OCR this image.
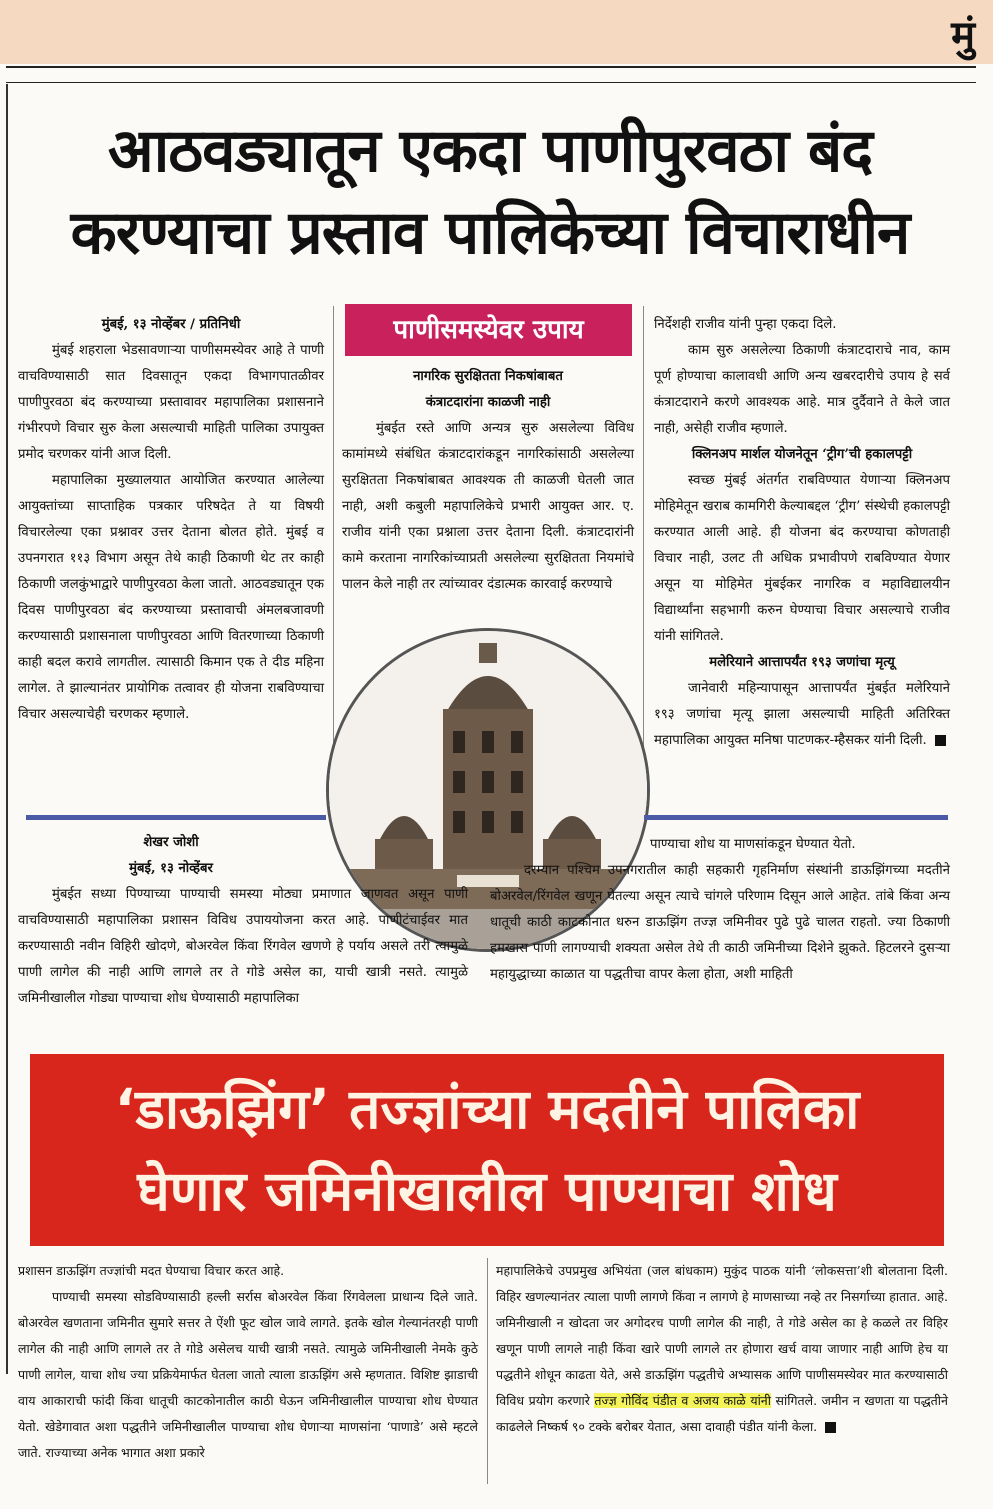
मुं
आठवड्यातून एकदा पाणीपुरवठा बंद
करण्याचा प्रस्ताव पालिकेच्या विचाराधीन

मुंबई, १३ नोव्हेंबर / प्रतिनिधी

मुंबई शहराला भेडसावणाऱ्या पाणीसमस्येवर आहे ते पाणी वाचविण्यासाठी सात दिवसातून एकदा विभागपातळीवर पाणीपुरवठा बंद करण्याच्या प्रस्तावावर महापालिका प्रशासनाने गंभीरपणे विचार सुरु केला असल्याची माहिती पालिका उपायुक्त प्रमोद चरणकर यांनी आज दिली.

महापालिका मुख्यालयात आयोजित करण्यात आलेल्या आयुक्तांच्या साप्ताहिक पत्रकार परिषदेत ते या विषयी विचारलेल्या एका प्रश्नावर उत्तर देताना बोलत होते. मुंबई व उपनगरात ११३ विभाग असून तेथे काही ठिकाणी थेट तर काही ठिकाणी जलकुंभाद्वारे पाणीपुरवठा केला जातो. आठवड्यातून एक दिवस पाणीपुरवठा बंद करण्याच्या प्रस्तावाची अंमलबजावणी करण्यासाठी प्रशासनाला पाणीपुरवठा आणि वितरणाच्या ठिकाणी काही बदल करावे लागतील. त्यासाठी किमान एक ते दीड महिना लागेल. ते झाल्यानंतर प्रायोगिक तत्वावर ही योजना राबविण्याचा विचार असल्याचेही चरणकर म्हणाले.

पाणीसमस्येवर उपाय

नागरिक सुरक्षितता निकषांबाबत

कंत्राटदारांना काळजी नाही

मुंबईत रस्ते आणि अन्यत्र सुरु असलेल्या विविध कामांमध्ये संबंधित कंत्राटदारांकडून नागरिकांसाठी असलेल्या सुरक्षितता निकषांबाबत आवश्यक ती काळजी घेतली जात नाही, अशी कबुली महापालिकेचे प्रभारी आयुक्त आर. ए. राजीव यांनी एका प्रश्नाला उत्तर देताना दिली. कंत्राटदारांनी कामे करताना नागरिकांच्याप्रती असलेल्या सुरक्षितता नियमांचे पालन केले नाही तर त्यांच्यावर दंडात्मक कारवाई करण्याचे

निर्देशही राजीव यांनी पुन्हा एकदा दिले.

काम सुरु असलेल्या ठिकाणी कंत्राटदाराचे नाव, काम पूर्ण होण्याचा कालावधी आणि अन्य खबरदारीचे उपाय हे सर्व कंत्राटदाराने करणे आवश्यक आहे. मात्र दुर्दैवाने ते केले जात नाही, असेही राजीव म्हणाले.

क्लिनअप मार्शल योजनेतून ‘ट्रीग’ची हकालपट्टी

स्वच्छ मुंबई अंतर्गत राबविण्यात येणाऱ्या क्लिनअप मोहिमेतून खराब कामगिरी केल्याबद्दल ‘ट्रीग’ संस्थेची हकालपट्टी करण्यात आली आहे. ही योजना बंद करण्याचा कोणताही विचार नाही, उलट ती अधिक प्रभावीपणे राबविण्यात येणार असून या मोहिमेत मुंबईकर नागरिक व महाविद्यालयीन विद्यार्थ्यांना सहभागी करुन घेण्याचा विचार असल्याचे राजीव यांनी सांगितले.

मलेरियाने आत्तापर्यंत १९३ जणांचा मृत्यू

जानेवारी महिन्यापासून आत्तापर्यंत मुंबईत मलेरियाने १९३ जणांचा मृत्यू झाला असल्याची माहिती अतिरिक्त महापालिका आयुक्त मनिषा पाटणकर-म्हैसकर यांनी दिली.

शेखर जोशी

मुंबई, १३ नोव्हेंबर

मुंबईत सध्या पिण्याच्या पाण्याची समस्या मोठ्या प्रमाणात जाणवत असून पाणी वाचविण्यासाठी महापालिका प्रशासन विविध उपाययोजना करत आहे. पाणीटंचाईवर मात करण्यासाठी नवीन विहिरी खोदणे, बोअरवेल किंवा रिंगवेल खणणे हे पर्याय असले तरी त्यामुळे पाणी लागेल की नाही आणि लागले तर ते गोडे असेल का, याची खात्री नसते. त्यामुळे जमिनीखालील गोड्या पाण्याचा शोध घेण्यासाठी महापालिका

पाण्याचा शोध या माणसांकडून घेण्यात येतो.

दरम्यान पश्चिम उपनगरातील काही सहकारी गृहनिर्माण संस्थांनी डाऊझिंगच्या मदतीने बोअरवेल/रिंगवेल खणून घेतल्या असून त्याचे चांगले परिणाम दिसून आले आहेत. तांबे किंवा अन्य धातूची काठी काटकोनात धरुन डाऊझिंग तज्ज्ञ जमिनीवर पुढे पुढे चालत राहतो. ज्या ठिकाणी हमखास पाणी लागण्याची शक्यता असेल तेथे ती काठी जमिनीच्या दिशेने झुकते. हिटलरने दुसऱ्या महायुद्धाच्या काळात या पद्धतीचा वापर केला होता, अशी माहिती

‘डाऊझिंग’ तज्ज्ञांच्या मदतीने पालिका
घेणार जमिनीखालील पाण्याचा शोध

प्रशासन डाऊझिंग तज्ज्ञांची मदत घेण्याचा विचार करत आहे.

पाण्याची समस्या सोडविण्यासाठी हल्ली सर्रास बोअरवेल किंवा रिंगवेलला प्राधान्य दिले जाते. बोअरवेल खणताना जमिनीत सुमारे सत्तर ते ऐंशी फूट खोल जावे लागते. इतके खोल गेल्यानंतरही पाणी लागेल की नाही आणि लागले तर ते गोडे असेलच याची खात्री नसते. त्यामुळे जमिनीखाली नेमके कुठे पाणी लागेल, याचा शोध ज्या प्रक्रियेमार्फत घेतला जातो त्याला डाऊझिंग असे म्हणतात. विशिष्ट झाडाची वाय आकाराची फांदी किंवा धातूची काटकोनातील काठी घेऊन जमिनीखालील पाण्याचा शोध घेण्यात येतो. खेडेगावात अशा पद्धतीने जमिनीखालील पाण्याचा शोध घेणाऱ्या माणसांना ‘पाणाडे’ असे म्हटले जाते. राज्याच्या अनेक भागात अशा प्रकारे

महापालिकेचे उपप्रमुख अभियंता (जल बांधकाम) मुकुंद पाठक यांनी ‘लोकसत्ता’शी बोलताना दिली. विहिर खणल्यानंतर त्याला पाणी लागणे किंवा न लागणे हे माणसाच्या नव्हे तर निसर्गाच्या हातात. आहे. जमिनीखाली न खोदता जर अगोदरच पाणी लागेल की नाही, ते गोडे असेल का हे कळले तर विहिर खणून पाणी लागले नाही किंवा खारे पाणी लागले तर होणारा खर्च वाया जाणार नाही आणि हेच या पद्धतीने शोधून काढता येते, असे डाऊझिंग पद्धतीचे अभ्यासक आणि पाणीसमस्येवर मात करण्यासाठी विविध प्रयोग करणारे तज्ज्ञ गोविंद पंडीत व अजय काळे यांनी सांगितले. जमीन न खणता या पद्धतीने काढलेले निष्कर्ष ९० टक्के बरोबर येतात, असा दावाही पंडीत यांनी केला.
